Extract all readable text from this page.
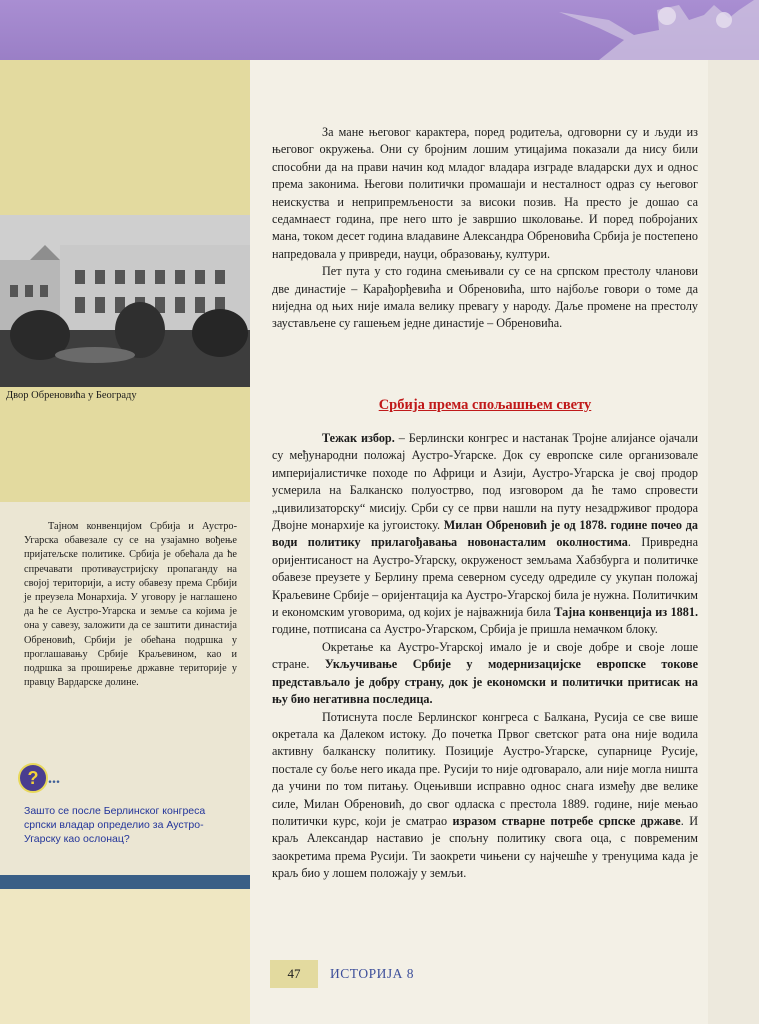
Двор Обреновића у Београду

Тајном конвенцијом Србија и Аустро-Угарска обавезале су се на узајамно вођење пријатељске политике. Србија је обећала да ће спречавати противаустријску пропаганду на својој територији, а исту обавезу према Србији је преузела Монархија. У уговору је наглашено да ће се Аустро-Угарска и земље са којима је она у савезу, заложити да се заштити династија Обреновић, Србији је обећана подршка у проглашавању Србије Краљевином, као и подршка за проширење државне територије у правцу Вардарске долине.

? ...
Зашто се после Берлинског конгреса српски владар определио за Аустро-Угарску као ослонац?

За мане његовог карактера, поред родитеља, одговорни су и људи из његовог окружења. Они су бројним лошим утицајима показали да нису били способни да на прави начин код младог владара изграде владарски дух и однос према законима. Његови политички промашаји и несталност одраз су његовог неискуства и неприпремљености за високи позив. На престо је дошао са седамнаест година, пре него што је завршио школовање. И поред побројаних мана, током десет година владавине Александра Обреновића Србија је постепено напредовала у привреди, науци, образовању, култури.

Пет пута у сто година смењивали су се на српском престолу чланови две династије – Карађорђевића и Обреновића, што најбоље говори о томе да ниједна од њих није имала велику превагу у народу. Даље промене на престолу заустављене су гашењем једне династије – Обреновића.

Србија према спољашњем свету

Тежак избор. – Берлински конгрес и настанак Тројне алијансе ојачали су међународни положај Аустро-Угарске. Док су европске силе организовале империјалистичке походе по Африци и Азији, Аустро-Угарска је свој продор усмерила на Балканско полуострво, под изговором да ће тамо спровести „цивилизаторску“ мисију. Срби су се први нашли на путу незадрживог продора Двојне монархије ка југоистоку. Милан Обреновић је од 1878. године почео да води политику прилагођавања новонасталим околностима. Привредна оријентисаност на Аустро-Угарску, окруженост земљама Хабзбурга и политичке обавезе преузете у Берлину према северном суседу одредиле су укупан положај Краљевине Србије – оријентација ка Аустро-Угарској била је нужна. Политичким и економским уговорима, од којих је најважнија била Тајна конвенција из 1881. године, потписана са Аустро-Угарском, Србија је пришла немачком блоку.

Окретање ка Аустро-Угарској имало је и своје добре и своје лоше стране. Укључивање Србије у модернизацијске европске токове представљало је добру страну, док је економски и политички притисак на њу био негативна последица.

Потиснута после Берлинског конгреса с Балкана, Русија се све више окретала ка Далеком истоку. До почетка Првог светског рата она није водила активну балканску политику. Позиције Аустро-Угарске, супарнице Русије, постале су боље него икада пре. Русији то није одговарало, али није могла ништа да учини по том питању. Оцењивши исправно однос снага између две велике силе, Милан Обреновић, до свог одласка с престола 1889. године, није мењао политички курс, који је сматрао изразом стварне потребе српске државе. И краљ Александар наставио је спољну политику свога оца, с повременим заокретима према Русији. Ти заокрети чињени су најчешће у тренуцима када је краљ био у лошем положају у земљи.

47	ИСТОРИЈА 8
